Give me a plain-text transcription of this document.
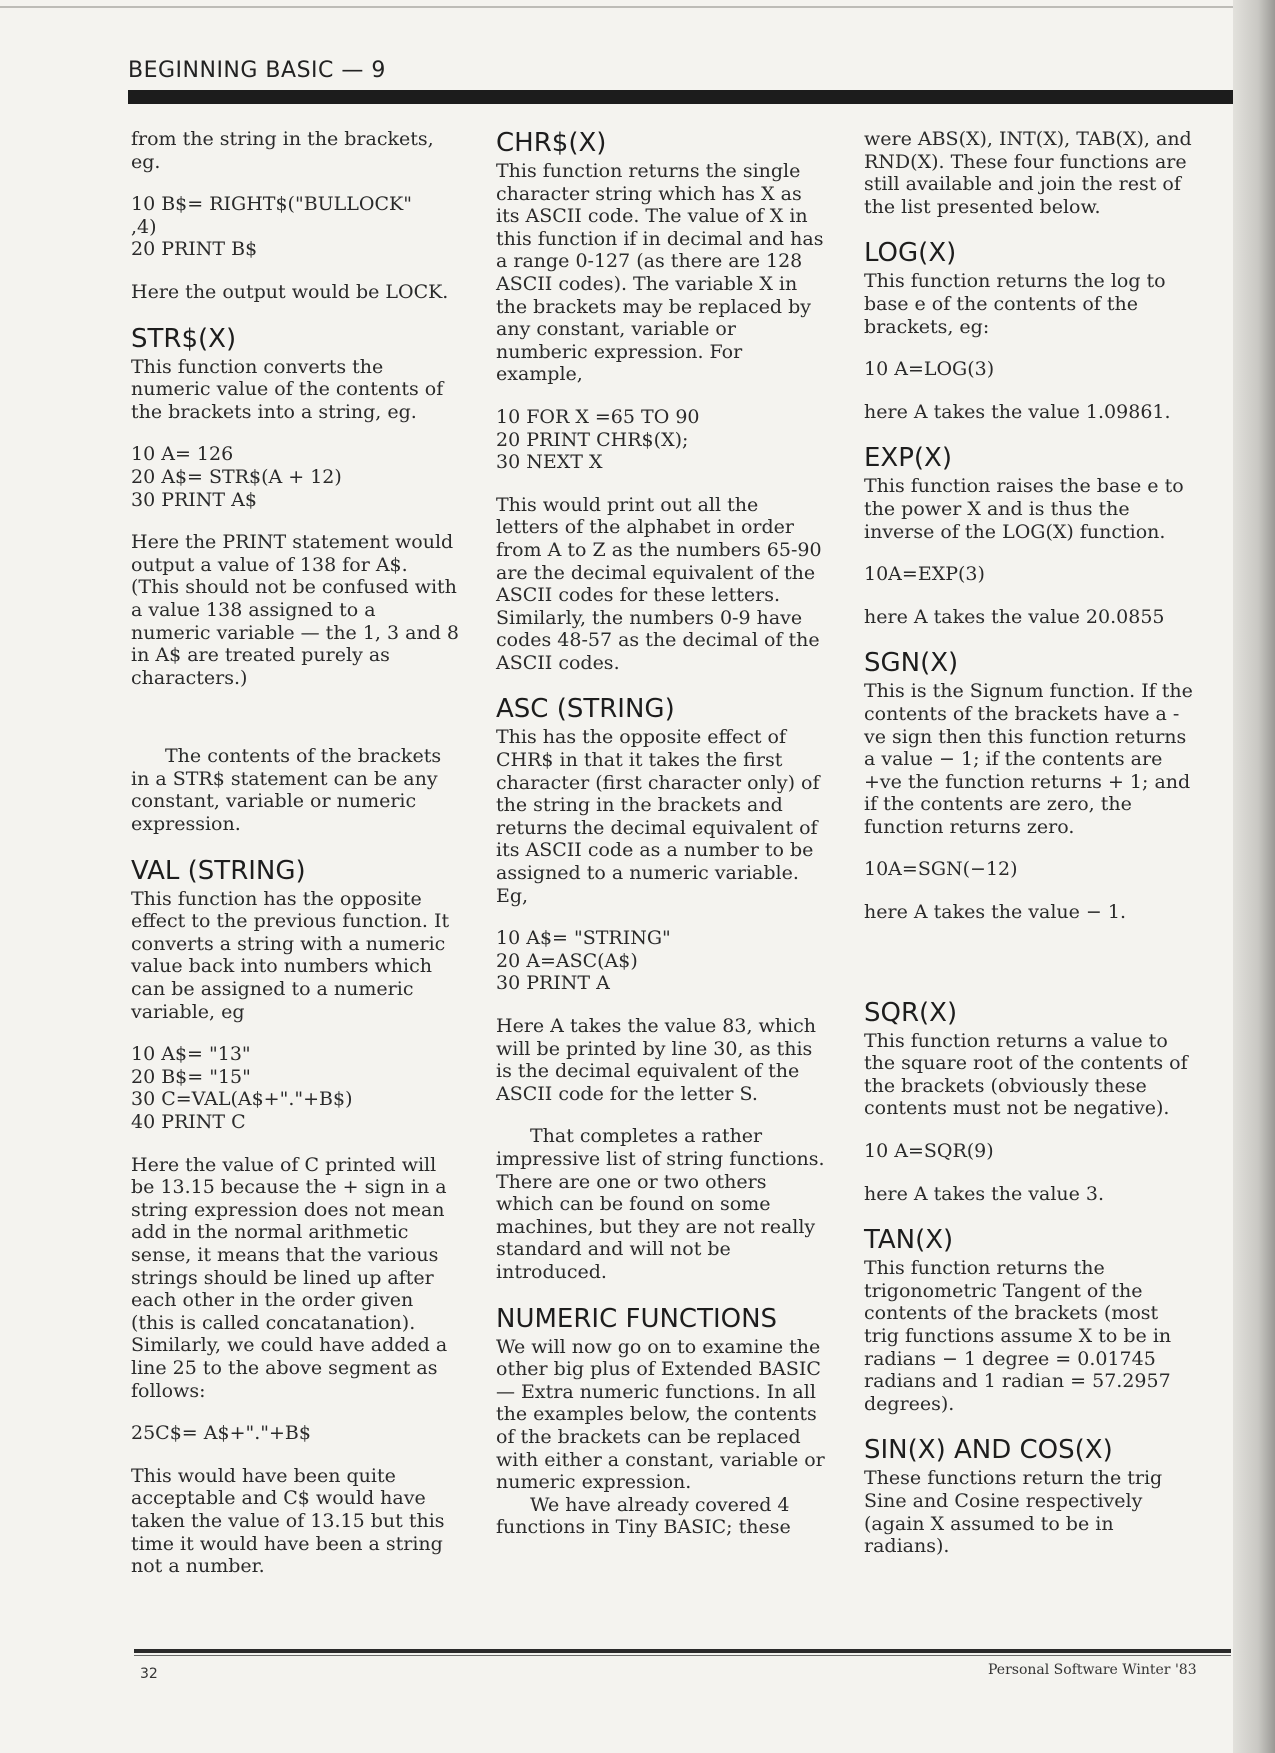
BEGINNING BASIC — 9

from the string in the brackets, eg.

10 B$= RIGHT$("BULLOCK"
,4)
20 PRINT B$

Here the output would be LOCK.

STR$(X)

This function converts the numeric value of the contents of the brackets into a string, eg.

10 A= 126
20 A$= STR$(A + 12)
30 PRINT A$

Here the PRINT statement would output a value of 138 for A$. (This should not be confused with a value 138 assigned to a numeric variable — the 1, 3 and 8 in A$ are treated purely as characters.)

The contents of the brackets in a STR$ statement can be any constant, variable or numeric expression.

VAL (STRING)

This function has the opposite effect to the previous function. It converts a string with a numeric value back into numbers which can be assigned to a numeric variable, eg

10 A$= "13"
20 B$= "15"
30 C=VAL(A$+"."+B$)
40 PRINT C

Here the value of C printed will be 13.15 because the + sign in a string expression does not mean add in the normal arithmetic sense, it means that the various strings should be lined up after each other in the order given (this is called concatanation). Similarly, we could have added a line 25 to the above segment as follows:

25C$= A$+"."+B$

This would have been quite acceptable and C$ would have taken the value of 13.15 but this time it would have been a string not a number.

CHR$(X)

This function returns the single character string which has X as its ASCII code. The value of X in this function if in decimal and has a range 0-127 (as there are 128 ASCII codes). The variable X in the brackets may be replaced by any constant, variable or numberic expression. For example,

10 FOR X =65 TO 90
20 PRINT CHR$(X);
30 NEXT X

This would print out all the letters of the alphabet in order from A to Z as the numbers 65-90 are the decimal equivalent of the ASCII codes for these letters. Similarly, the numbers 0-9 have codes 48-57 as the decimal of the ASCII codes.

ASC (STRING)

This has the opposite effect of CHR$ in that it takes the first character (first character only) of the string in the brackets and returns the decimal equivalent of its ASCII code as a number to be assigned to a numeric variable. Eg,

10 A$= "STRING"
20 A=ASC(A$)
30 PRINT A

Here A takes the value 83, which will be printed by line 30, as this is the decimal equivalent of the ASCII code for the letter S.

That completes a rather impressive list of string functions. There are one or two others which can be found on some machines, but they are not really standard and will not be introduced.

NUMERIC FUNCTIONS

We will now go on to examine the other big plus of Extended BASIC — Extra numeric functions. In all the examples below, the contents of the brackets can be replaced with either a constant, variable or numeric expression.

We have already covered 4 functions in Tiny BASIC; these

were ABS(X), INT(X), TAB(X), and RND(X). These four functions are still available and join the rest of the list presented below.

LOG(X)

This function returns the log to base e of the contents of the brackets, eg:

10 A=LOG(3)

here A takes the value 1.09861.

EXP(X)

This function raises the base e to the power X and is thus the inverse of the LOG(X) function.

10A=EXP(3)

here A takes the value 20.0855

SGN(X)

This is the Signum function. If the contents of the brackets have a -ve sign then this function returns a value − 1; if the contents are +ve the function returns + 1; and if the contents are zero, the function returns zero.

10A=SGN(−12)

here A takes the value − 1.

SQR(X)

This function returns a value to the square root of the contents of the brackets (obviously these contents must not be negative).

10 A=SQR(9)

here A takes the value 3.

TAN(X)

This function returns the trigonometric Tangent of the contents of the brackets (most trig functions assume X to be in radians − 1 degree = 0.01745 radians and 1 radian = 57.2957 degrees).

SIN(X) AND COS(X)

These functions return the trig Sine and Cosine respectively (again X assumed to be in radians).

32	Personal Software Winter '83
